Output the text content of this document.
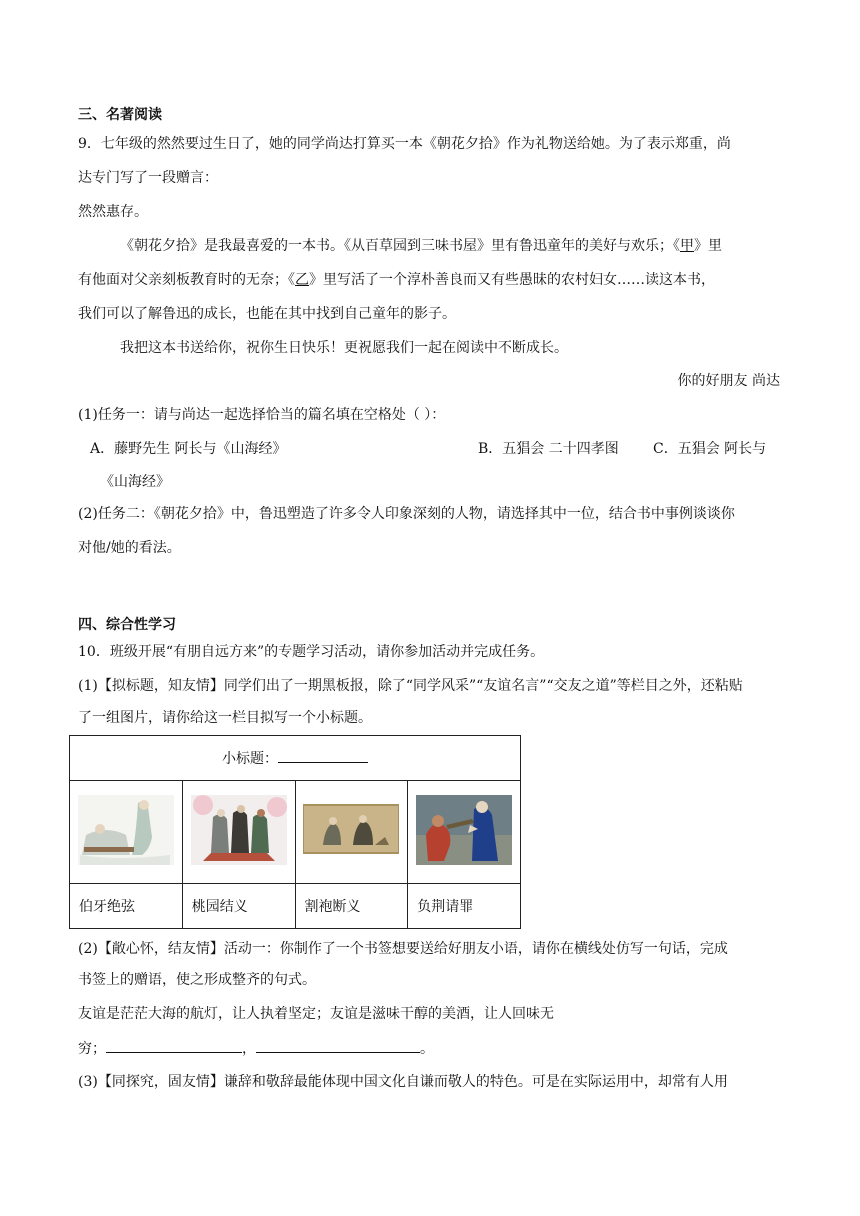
三、名著阅读
9．七年级的然然要过生日了，她的同学尚达打算买一本《朝花夕拾》作为礼物送给她。为了表示郑重，尚
达专门写了一段赠言：
然然惠存。
《朝花夕拾》是我最喜爱的一本书。《从百草园到三味书屋》里有鲁迅童年的美好与欢乐；《甲》里
有他面对父亲刻板教育时的无奈；《乙》里写活了一个淳朴善良而又有些愚昧的农村妇女……读这本书，
我们可以了解鲁迅的成长，也能在其中找到自己童年的影子。
我把这本书送给你，祝你生日快乐！更祝愿我们一起在阅读中不断成长。
你的好朋友 尚达
(1)任务一：请与尚达一起选择恰当的篇名填在空格处（ ）：
A．藤野先生 阿长与《山海经》	B．五猖会 二十四孝图 C．五猖会 阿长与
《山海经》
(2)任务二：《朝花夕拾》中，鲁迅塑造了许多令人印象深刻的人物，请选择其中一位，结合书中事例谈谈你
对他/她的看法。
四、综合性学习
10．班级开展“有朋自远方来”的专题学习活动，请你参加活动并完成任务。
(1)【拟标题，知友情】同学们出了一期黑板报，除了“同学风采”“友谊名言”“交友之道”等栏目之外，还粘贴
了一组图片，请你给这一栏目拟写一个小标题。
小标题：			

伯牙绝弦	桃园结义	割袍断义	负荆请罪
(2)【敞心怀，结友情】活动一：你制作了一个书签想要送给好朋友小语，请你在横线处仿写一句话，完成
书签上的赠语，使之形成整齐的句式。
友谊是茫茫大海的航灯，让人执着坚定；友谊是滋味干醇的美酒，让人回味无
穷；	，	。
(3)【同探究，固友情】谦辞和敬辞最能体现中国文化自谦而敬人的特色。可是在实际运用中，却常有人用
